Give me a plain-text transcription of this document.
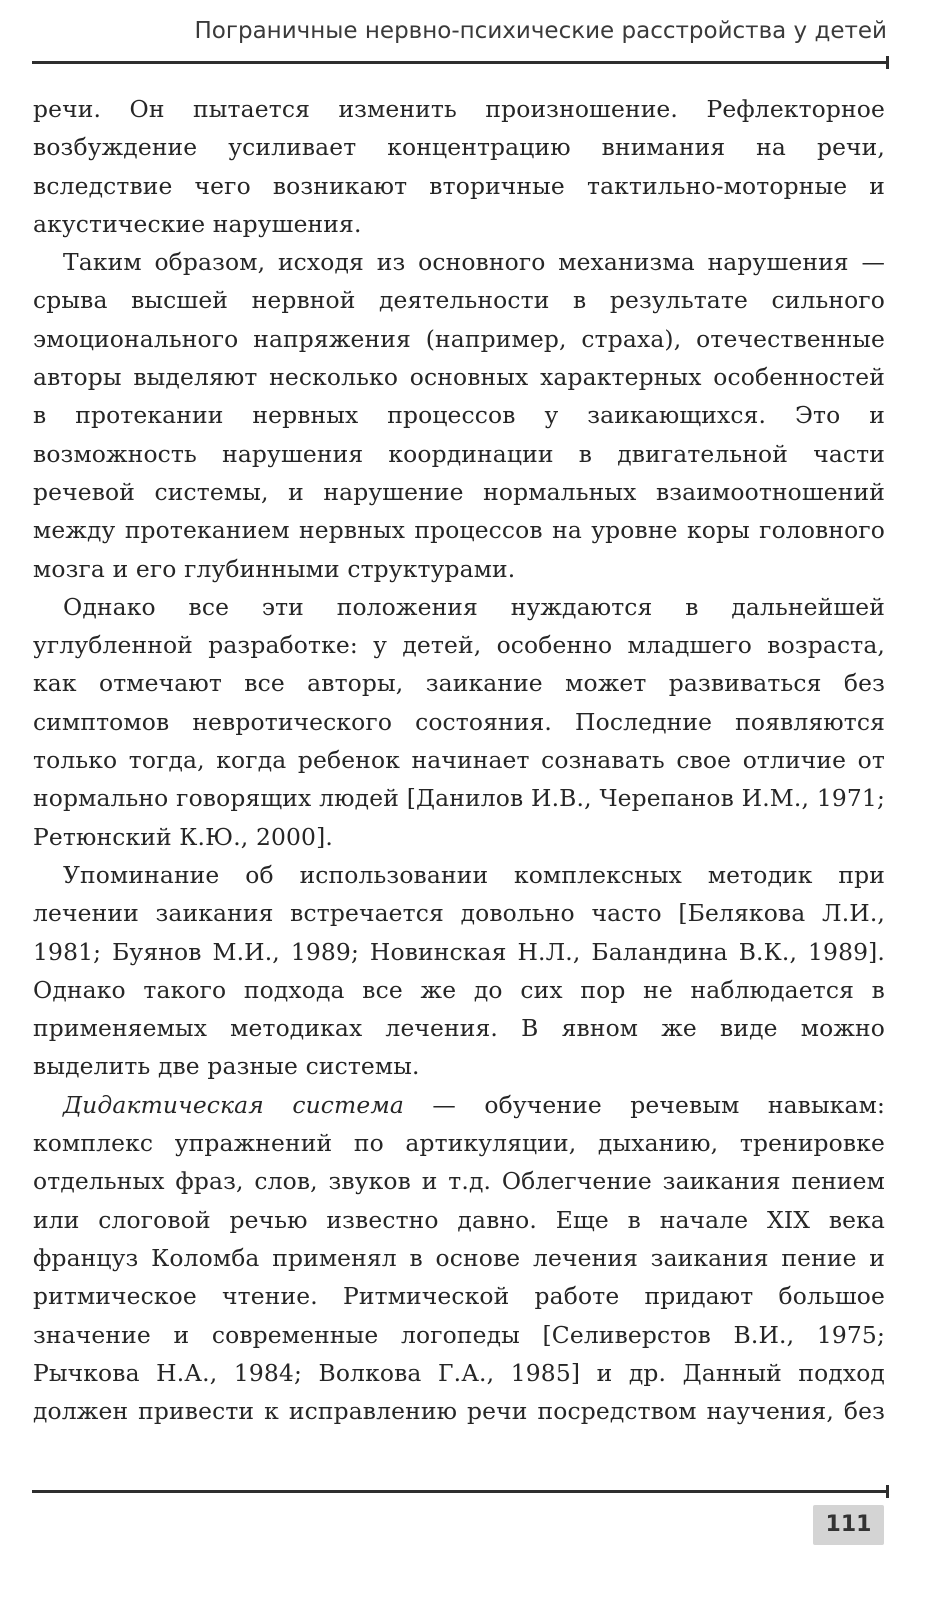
Пограничные нервно-психические расстройства у детей

речи. Он пытается изменить произношение. Рефлекторное возбуждение усиливает концентрацию внимания на речи, вследствие чего возникают вторичные тактильно-моторные и акустические нарушения.

Таким образом, исходя из основного механизма нарушения — срыва высшей нервной деятельности в результате сильного эмоционального напряжения (например, страха), отечественные авторы выделяют несколько основных характерных особенностей в протекании нервных процессов у заикающихся. Это и возможность нарушения координации в двигательной части речевой системы, и нарушение нормальных взаимоотношений между протеканием нервных процессов на уровне коры головного мозга и его глубинными структурами.

Однако все эти положения нуждаются в дальнейшей углубленной разработке: у детей, особенно младшего возраста, как отмечают все авторы, заикание может развиваться без симптомов невротического состояния. Последние появляются только тогда, когда ребенок начинает сознавать свое отличие от нормально говорящих людей [Данилов И.В., Черепанов И.М., 1971; Ретюнский К.Ю., 2000].

Упоминание об использовании комплексных методик при лечении заикания встречается довольно часто [Белякова Л.И., 1981; Буянов М.И., 1989; Новинская Н.Л., Баландина В.К., 1989]. Однако такого подхода все же до сих пор не наблюдается в применяемых методиках лечения. В явном же виде можно выделить две разные системы.

Дидактическая система — обучение речевым навыкам: комплекс упражнений по артикуляции, дыханию, тренировке отдельных фраз, слов, звуков и т.д. Облегчение заикания пением или слоговой речью известно давно. Еще в начале XIX века француз Коломба применял в основе лечения заикания пение и ритмическое чтение. Ритмической работе придают большое значение и современные логопеды [Селиверстов В.И., 1975; Рычкова Н.А., 1984; Волкова Г.А., 1985] и др. Данный подход должен привести к исправлению речи посредством научения, без

111
